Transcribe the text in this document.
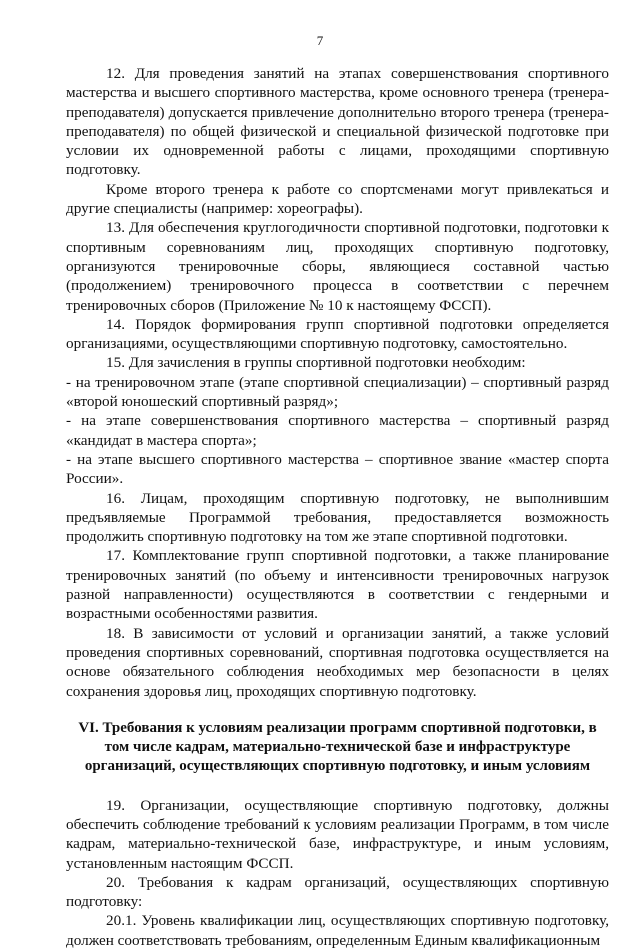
7

12. Для проведения занятий на этапах совершенствования спортивного мастерства и высшего спортивного мастерства, кроме основного тренера (тренера-преподавателя) допускается привлечение дополнительно второго тренера (тренера-преподавателя) по общей физической и специальной физической подготовке при условии их одновременной работы с лицами, проходящими спортивную подготовку.

Кроме второго тренера к работе со спортсменами могут привлекаться и другие специалисты (например: хореографы).

13. Для обеспечения круглогодичности спортивной подготовки, подготовки к спортивным соревнованиям лиц, проходящих спортивную подготовку, организуются тренировочные сборы, являющиеся составной частью (продолжением) тренировочного процесса в соответствии с перечнем тренировочных сборов (Приложение № 10 к настоящему ФССП).

14. Порядок формирования групп спортивной подготовки определяется организациями, осуществляющими спортивную подготовку, самостоятельно.

15. Для зачисления в группы спортивной подготовки необходим:

- на тренировочном этапе (этапе спортивной специализации) – спортивный разряд «второй юношеский спортивный разряд»;

- на этапе совершенствования спортивного мастерства – спортивный разряд «кандидат в мастера спорта»;

- на этапе высшего спортивного мастерства – спортивное звание «мастер спорта России».

16. Лицам, проходящим спортивную подготовку, не выполнившим предъявляемые Программой требования, предоставляется возможность продолжить спортивную подготовку на том же этапе спортивной подготовки.

17. Комплектование групп спортивной подготовки, а также планирование тренировочных занятий (по объему и интенсивности тренировочных нагрузок разной направленности) осуществляются в соответствии с гендерными и возрастными особенностями развития.

18. В зависимости от условий и организации занятий, а также условий проведения спортивных соревнований, спортивная подготовка осуществляется на основе обязательного соблюдения необходимых мер безопасности в целях сохранения здоровья лиц, проходящих спортивную подготовку.

VI. Требования к условиям реализации программ спортивной подготовки, в том числе кадрам, материально-технической базе и инфраструктуре организаций, осуществляющих спортивную подготовку, и иным условиям

19. Организации, осуществляющие спортивную подготовку, должны обеспечить соблюдение требований к условиям реализации Программ, в том числе кадрам, материально-технической базе, инфраструктуре, и иным условиям, установленным настоящим ФССП.

20. Требования к кадрам организаций, осуществляющих спортивную подготовку:

20.1. Уровень квалификации лиц, осуществляющих спортивную подготовку, должен соответствовать требованиям, определенным Единым квалификационным
